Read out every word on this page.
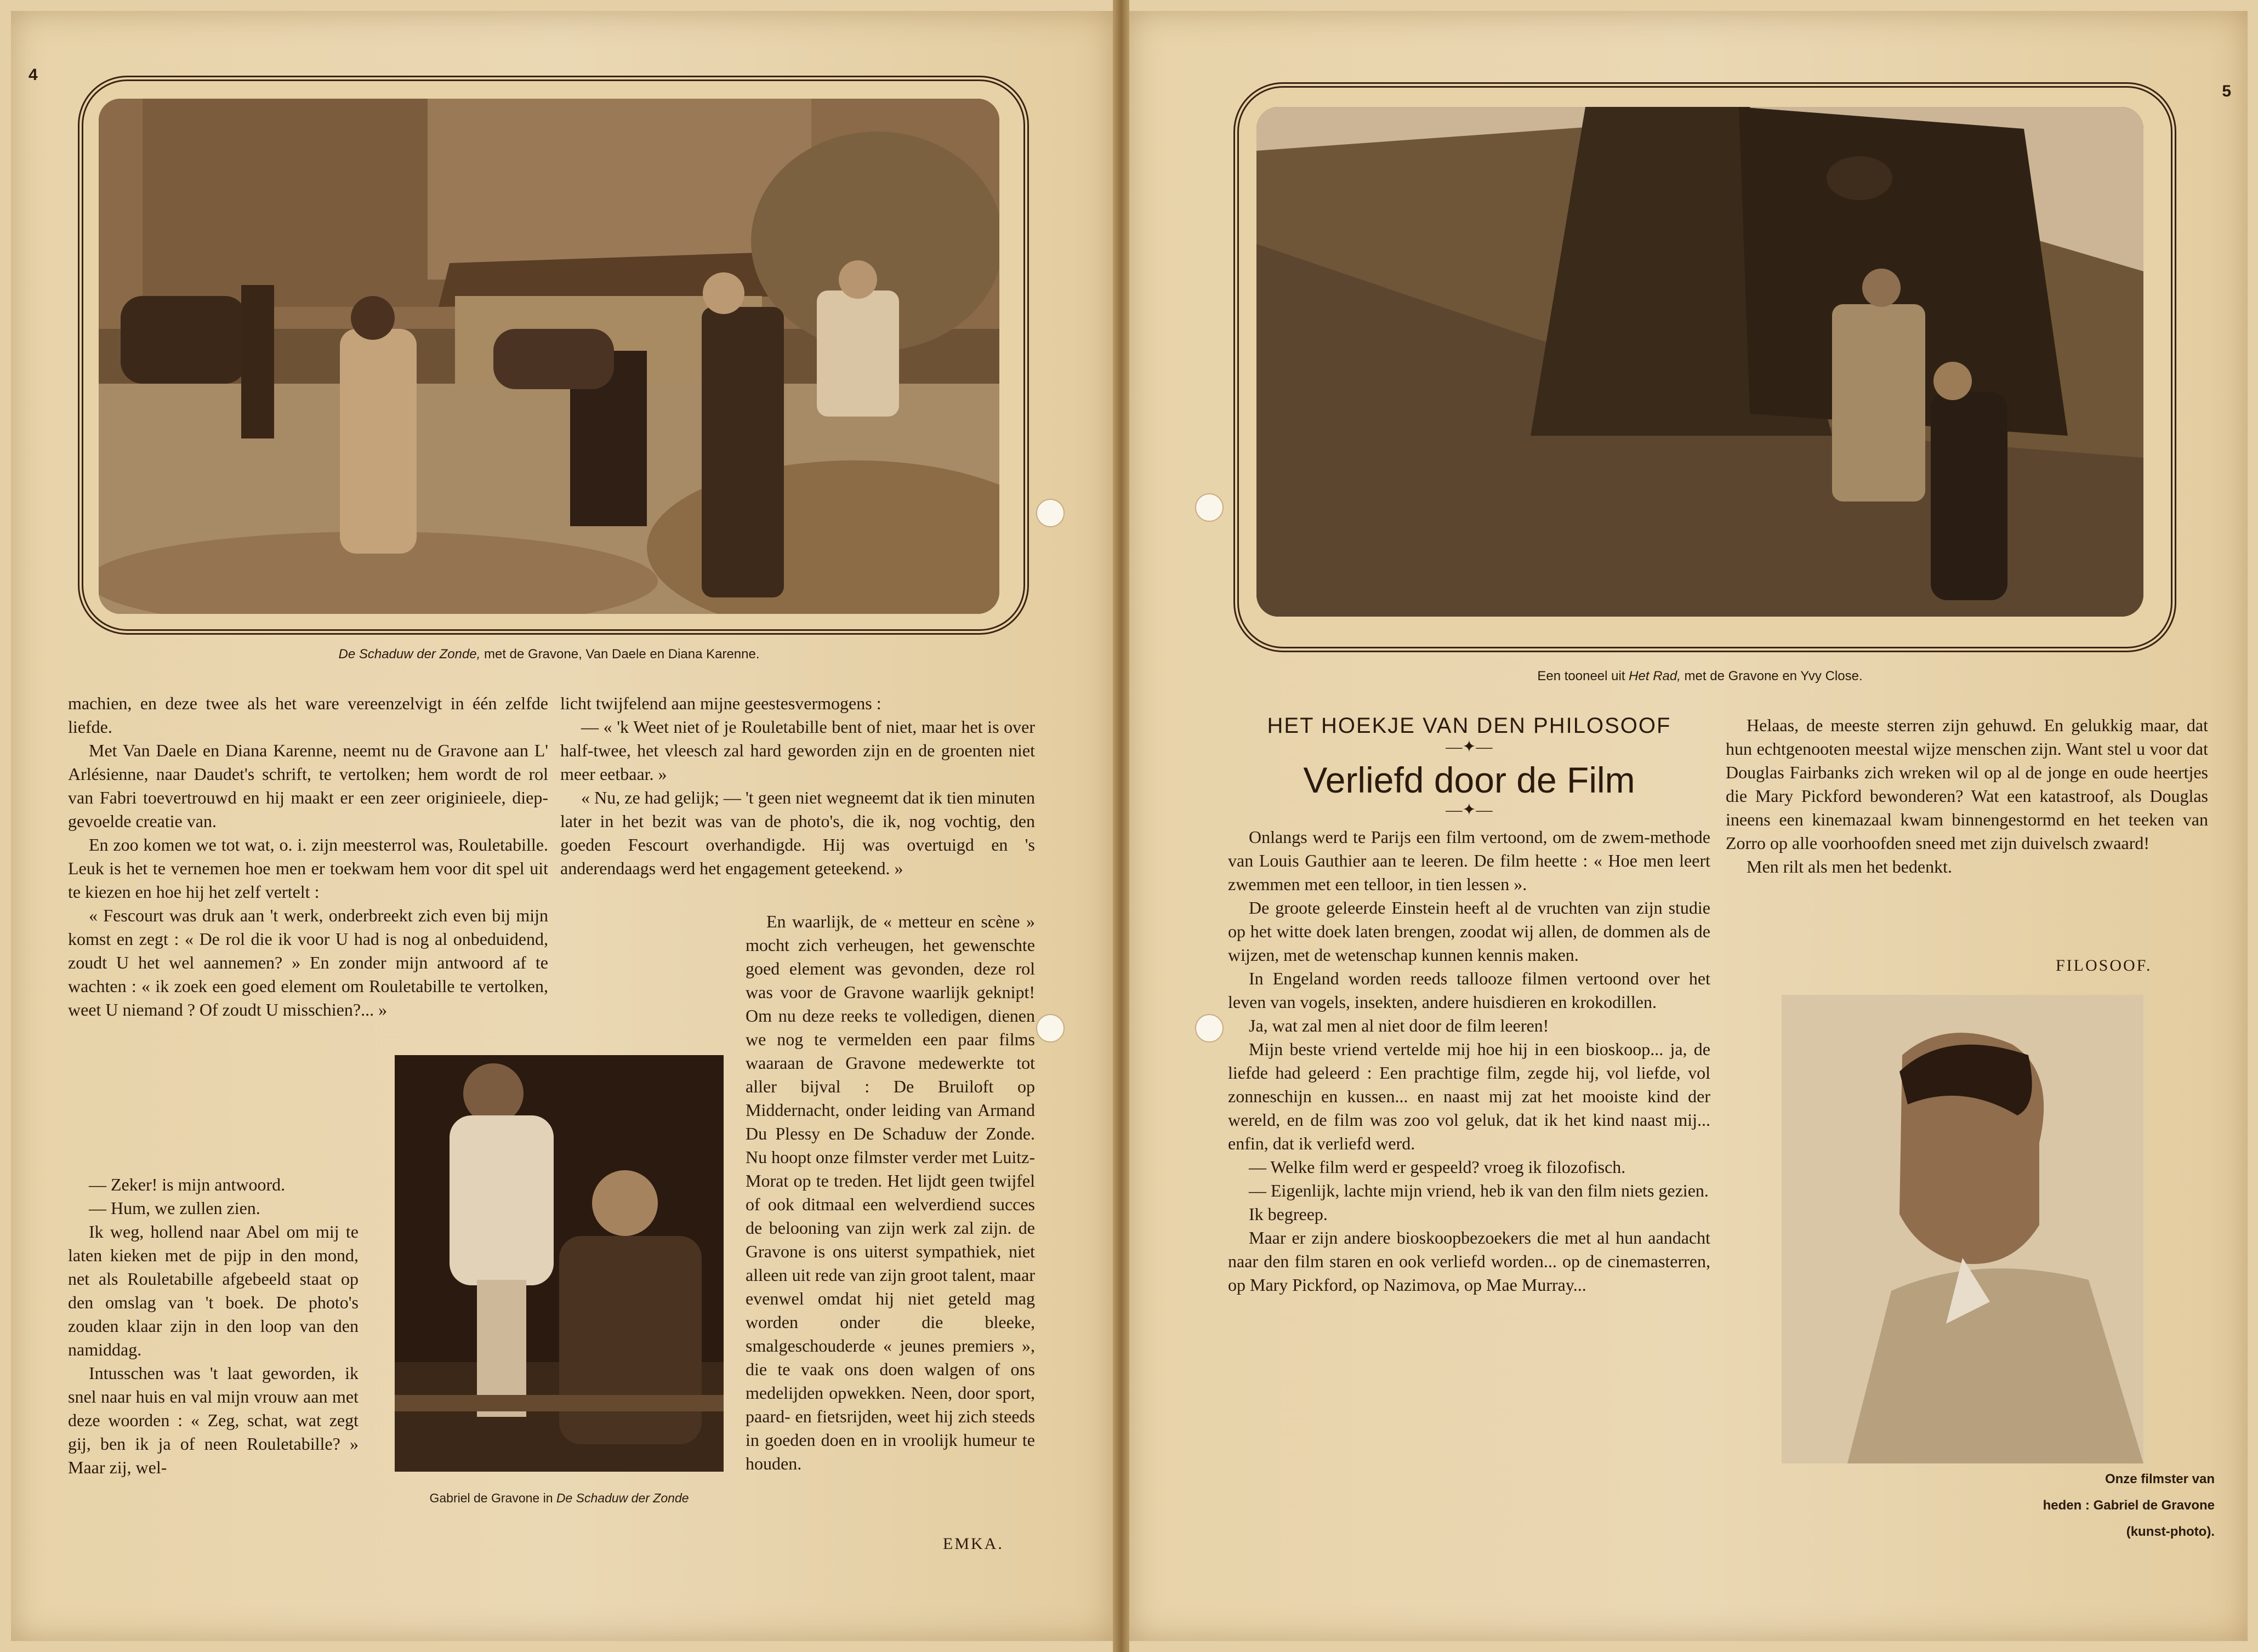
4
De Schaduw der Zonde, met de Gravone, Van Daele en Diana Karenne.

machien, en deze twee als het ware vereenzelvigt in één zelfde liefde.

Met Van Daele en Diana Karenne, neemt nu de Gravone aan L' Arlésienne, naar Daudet's schrift, te vertolken; hem wordt de rol van Fabri toevertrouwd en hij maakt er een zeer originieele, diep-gevoelde creatie van.

En zoo komen we tot wat, o. i. zijn meesterrol was, Rouletabille. Leuk is het te vernemen hoe men er toekwam hem voor dit spel uit te kiezen en hoe hij het zelf vertelt :

« Fescourt was druk aan 't werk, onderbreekt zich even bij mijn komst en zegt : « De rol die ik voor U had is nog al onbeduidend, zoudt U het wel aannemen? » En zonder mijn antwoord af te wachten : « ik zoek een goed element om Rouletabille te vertolken, weet U niemand ? Of zoudt U misschien?... »

— Zeker! is mijn antwoord.

— Hum, we zullen zien.

Ik weg, hollend naar Abel om mij te laten kieken met de pijp in den mond, net als Rouletabille afgebeeld staat op den omslag van 't boek. De photo's zouden klaar zijn in den loop van den namiddag.

Intusschen was 't laat geworden, ik snel naar huis en val mijn vrouw aan met deze woorden : « Zeg, schat, wat zegt gij, ben ik ja of neen Rouletabille? » Maar zij, wel-

Gabriel de Gravone in De Schaduw der Zonde

licht twijfelend aan mijne geestesvermogens :

— « 'k Weet niet of je Rouletabille bent of niet, maar het is over half-twee, het vleesch zal hard geworden zijn en de groenten niet meer eetbaar. »

« Nu, ze had gelijk; — 't geen niet wegneemt dat ik tien minuten later in het bezit was van de photo's, die ik, nog vochtig, den goeden Fescourt overhandigde. Hij was overtuigd en 's anderendaags werd het engagement geteekend. »

En waarlijk, de « metteur en scène » mocht zich verheugen, het gewenschte goed element was gevonden, deze rol was voor de Gravone waarlijk geknipt! Om nu deze reeks te volledigen, dienen we nog te vermelden een paar films waaraan de Gravone medewerkte tot aller bijval : De Bruiloft op Middernacht, onder leiding van Armand Du Plessy en De Schaduw der Zonde. Nu hoopt onze filmster verder met Luitz-Morat op te treden. Het lijdt geen twijfel of ook ditmaal een welverdiend succes de belooning van zijn werk zal zijn. de Gravone is ons uiterst sympathiek, niet alleen uit rede van zijn groot talent, maar evenwel omdat hij niet geteld mag worden onder die bleeke, smalgeschouderde « jeunes premiers », die te vaak ons doen walgen of ons medelijden opwekken. Neen, door sport, paard- en fietsrijden, weet hij zich steeds in goeden doen en in vroolijk humeur te houden.

EMKA.
5
Een tooneel uit Het Rad, met de Gravone en Yvy Close.
HET HOEKJE VAN DEN PHILOSOOF
—✦—
Verliefd door de Film
—✦—

Onlangs werd te Parijs een film vertoond, om de zwem-methode van Louis Gauthier aan te leeren. De film heette : « Hoe men leert zwemmen met een telloor, in tien lessen ».

De groote geleerde Einstein heeft al de vruchten van zijn studie op het witte doek laten brengen, zoodat wij allen, de dommen als de wijzen, met de wetenschap kunnen kennis maken.

In Engeland worden reeds talloozе filmen vertoond over het leven van vogels, insekten, andere huisdieren en krokodillen.

Ja, wat zal men al niet door de film leeren!

Mijn beste vriend vertelde mij hoe hij in een bioskoop... ja, de liefde had geleerd : Een prachtige film, zegde hij, vol liefde, vol zonneschijn en kussen... en naast mij zat het mooiste kind der wereld, en de film was zoo vol geluk, dat ik het kind naast mij... enfin, dat ik verliefd werd.

— Welke film werd er gespeeld? vroeg ik filozofisch.

— Eigenlijk, lachte mijn vriend, heb ik van den film niets gezien.

Ik begreep.

Maar er zijn andere bioskoopbezoekers die met al hun aandacht naar den film staren en ook verliefd worden... op de cinemasterren, op Mary Pickford, op Nazimova, op Mae Murray...

Helaas, de meeste sterren zijn gehuwd. En gelukkig maar, dat hun echtgenooten meestal wijze menschen zijn. Want stel u voor dat Douglas Fairbanks zich wreken wil op al de jonge en oude heertjes die Mary Pickford bewonderen? Wat een katastroof, als Douglas ineens een kinemazaal kwam binnengestormd en het teeken van Zorro op alle voorhoofden sneed met zijn duivelsch zwaard!

Men rilt als men het bedenkt.

FILOSOOF.
Onze filmster van
heden : Gabriel de Gravone
(kunst-photo).
